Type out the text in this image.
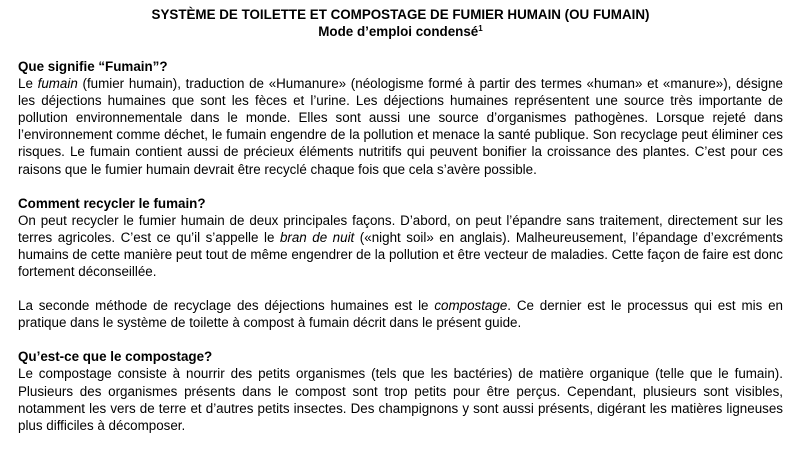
SYSTÈME DE TOILETTE ET COMPOSTAGE DE FUMIER HUMAIN (OU FUMAIN)
Mode d’emploi condensé$^1$
Que signifie “Fumain”?

Le fumain (fumier humain), traduction de «Humanure» (néologisme formé à partir des termes «human» et «manure»), désigne les déjections humaines que sont les fèces et l’urine. Les déjections humaines représentent une source très importante de pollution environnementale dans le monde. Elles sont aussi une source d’organismes pathogènes. Lorsque rejeté dans l’environnement comme déchet, le fumain engendre de la pollution et menace la santé publique. Son recyclage peut éliminer ces risques. Le fumain contient aussi de précieux éléments nutritifs qui peuvent bonifier la croissance des plantes. C’est pour ces raisons que le fumier humain devrait être recyclé chaque fois que cela s’avère possible.

Comment recycler le fumain?

On peut recycler le fumier humain de deux principales façons. D’abord, on peut l’épandre sans traitement, directement sur les terres agricoles. C’est ce qu’il s’appelle le bran de nuit («night soil» en anglais). Malheureusement, l’épandage d’excréments humains de cette manière peut tout de même engendrer de la pollution et être vecteur de maladies. Cette façon de faire est donc fortement déconseillée.

La seconde méthode de recyclage des déjections humaines est le compostage. Ce dernier est le processus qui est mis en pratique dans le système de toilette à compost à fumain décrit dans le présent guide.

Qu’est-ce que le compostage?

Le compostage consiste à nourrir des petits organismes (tels que les bactéries) de matière organique (telle que le fumain). Plusieurs des organismes présents dans le compost sont trop petits pour être perçus. Cependant, plusieurs sont visibles, notamment les vers de terre et d’autres petits insectes. Des champignons y sont aussi présents, digérant les matières ligneuses plus difficiles à décomposer.
